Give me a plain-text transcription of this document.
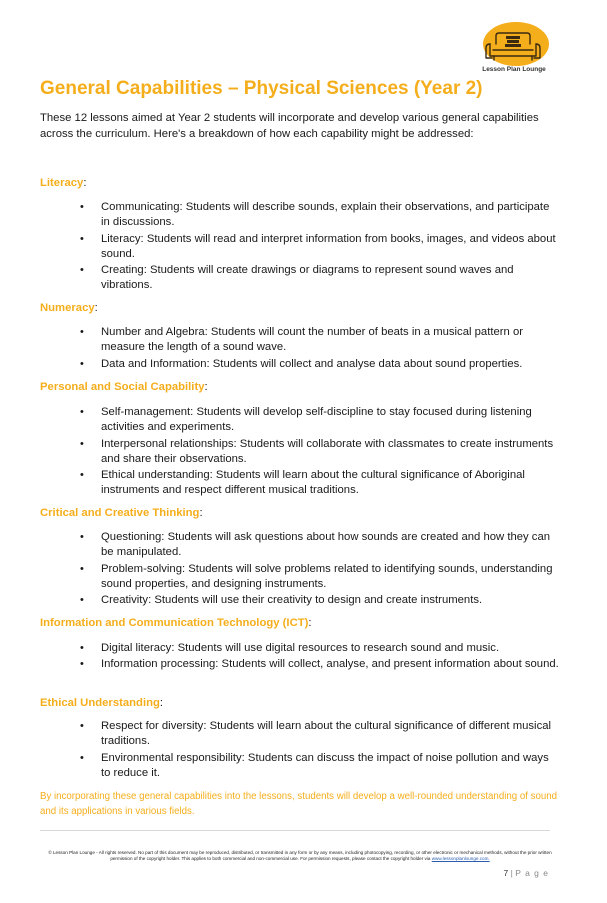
Lesson Plan Lounge
General Capabilities – Physical Sciences (Year 2)

These 12 lessons aimed at Year 2 students will incorporate and develop various general capabilities across the curriculum. Here's a breakdown of how each capability might be addressed:

Literacy:
• Communicating: Students will describe sounds, explain their observations, and participate in discussions.
• Literacy: Students will read and interpret information from books, images, and videos about sound.
• Creating: Students will create drawings or diagrams to represent sound waves and vibrations.
Numeracy:
• Number and Algebra: Students will count the number of beats in a musical pattern or measure the length of a sound wave.
• Data and Information: Students will collect and analyse data about sound properties.
Personal and Social Capability:
• Self-management: Students will develop self-discipline to stay focused during listening activities and experiments.
• Interpersonal relationships: Students will collaborate with classmates to create instruments and share their observations.
• Ethical understanding: Students will learn about the cultural significance of Aboriginal instruments and respect different musical traditions.
Critical and Creative Thinking:
• Questioning: Students will ask questions about how sounds are created and how they can be manipulated.
• Problem-solving: Students will solve problems related to identifying sounds, understanding sound properties, and designing instruments.
• Creativity: Students will use their creativity to design and create instruments.
Information and Communication Technology (ICT):
• Digital literacy: Students will use digital resources to research sound and music.
• Information processing: Students will collect, analyse, and present information about sound.
Ethical Understanding:
• Respect for diversity: Students will learn about the cultural significance of different musical traditions.
• Environmental responsibility: Students can discuss the impact of noise pollution and ways to reduce it.

By incorporating these general capabilities into the lessons, students will develop a well-rounded understanding of sound and its applications in various fields.

© Lesson Plan Lounge - All rights reserved. No part of this document may be reproduced, distributed, or transmitted in any form or by any means, including photocopying, recording, or other electronic or mechanical methods, without the prior written permission of the copyright holder. This applies to both commercial and non-commercial use. For permission requests, please contact the copyright holder via www.lessonplanlounge.com.

7 | P a g e
